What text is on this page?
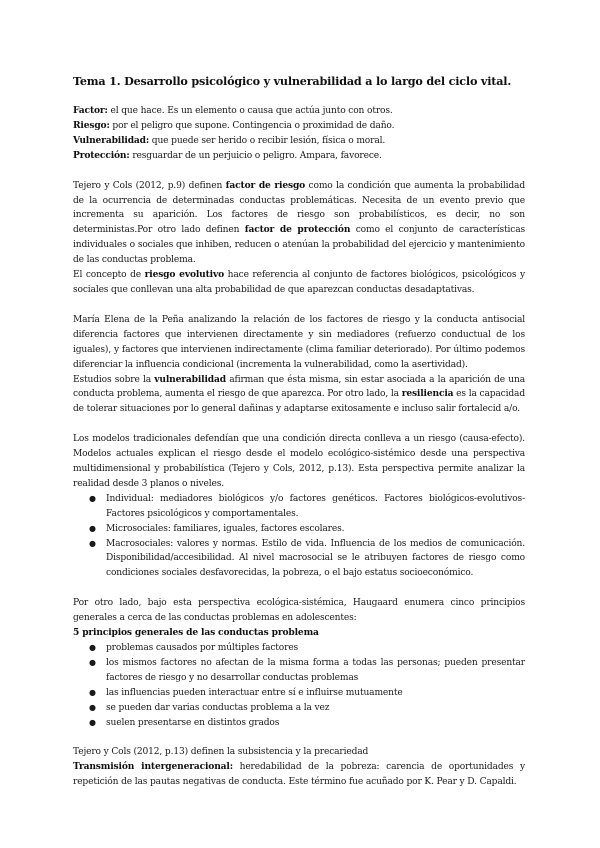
Tema 1. Desarrollo psicológico y vulnerabilidad a lo largo del ciclo vital.

Factor: el que hace. Es un elemento o causa que actúa junto con otros.

Riesgo: por el peligro que supone. Contingencia o proximidad de daño.

Vulnerabilidad: que puede ser herido o recibir lesión, física o moral.

Protección: resguardar de un perjuicio o peligro. Ampara, favorece.

Tejero y Cols (2012, p.9) definen factor de riesgo como la condición que aumenta la probabilidad de la ocurrencia de determinadas conductas problemáticas. Necesita de un evento previo que incrementa su aparición. Los factores de riesgo son probabilísticos, es decir, no son deterministas.Por otro lado definen factor de protección como el conjunto de características individuales o sociales que inhiben, reducen o atenúan la probabilidad del ejercicio y mantenimiento de las conductas problema.

El concepto de riesgo evolutivo hace referencia al conjunto de factores biológicos, psicológicos y sociales que conllevan una alta probabilidad de que aparezcan conductas desadaptativas.

María Elena de la Peña analizando la relación de los factores de riesgo y la conducta antisocial diferencia factores que intervienen directamente y sin mediadores (refuerzo conductual de los iguales), y factores que intervienen indirectamente (clima familiar deteriorado). Por último podemos diferenciar la influencia condicional (incrementa la vulnerabilidad, como la asertividad).

Estudios sobre la vulnerabilidad afirman que ésta misma, sin estar asociada a la aparición de una conducta problema, aumenta el riesgo de que aparezca. Por otro lado, la resiliencia es la capacidad de tolerar situaciones por lo general dañinas y adaptarse exitosamente e incluso salir fortalecid a/o.

Los modelos tradicionales defendían que una condición directa conlleva a un riesgo (causa-efecto). Modelos actuales explican el riesgo desde el modelo ecológico-sistémico desde una perspectiva multidimensional y probabilística (Tejero y Cols, 2012, p.13). Esta perspectiva permite analizar la realidad desde 3 planos o niveles.

● Individual: mediadores biológicos y/o factores genéticos. Factores biológicos-evolutivos- Factores psicológicos y comportamentales.
● Microsociales: familiares, iguales, factores escolares.
● Macrosociales: valores y normas. Estilo de vida. Influencia de los medios de comunicación. Disponibilidad/accesibilidad. Al nivel macrosocial se le atribuyen factores de riesgo como condiciones sociales desfavorecidas, la pobreza, o el bajo estatus socioeconómico.

Por otro lado, bajo esta perspectiva ecológica-sistémica, Haugaard enumera cinco principios generales a cerca de las conductas problemas en adolescentes:

5 principios generales de las conductas problema

● problemas causados por múltiples factores
● los mismos factores no afectan de la misma forma a todas las personas; pueden presentar factores de riesgo y no desarrollar conductas problemas
● las influencias pueden interactuar entre sí e influirse mutuamente
● se pueden dar varias conductas problema a la vez
● suelen presentarse en distintos grados

Tejero y Cols (2012, p.13) definen la subsistencia y la precariedad

Transmisión intergeneracional: heredabilidad de la pobreza: carencia de oportunidades y repetición de las pautas negativas de conducta. Este término fue acuñado por K. Pear y D. Capaldi.
